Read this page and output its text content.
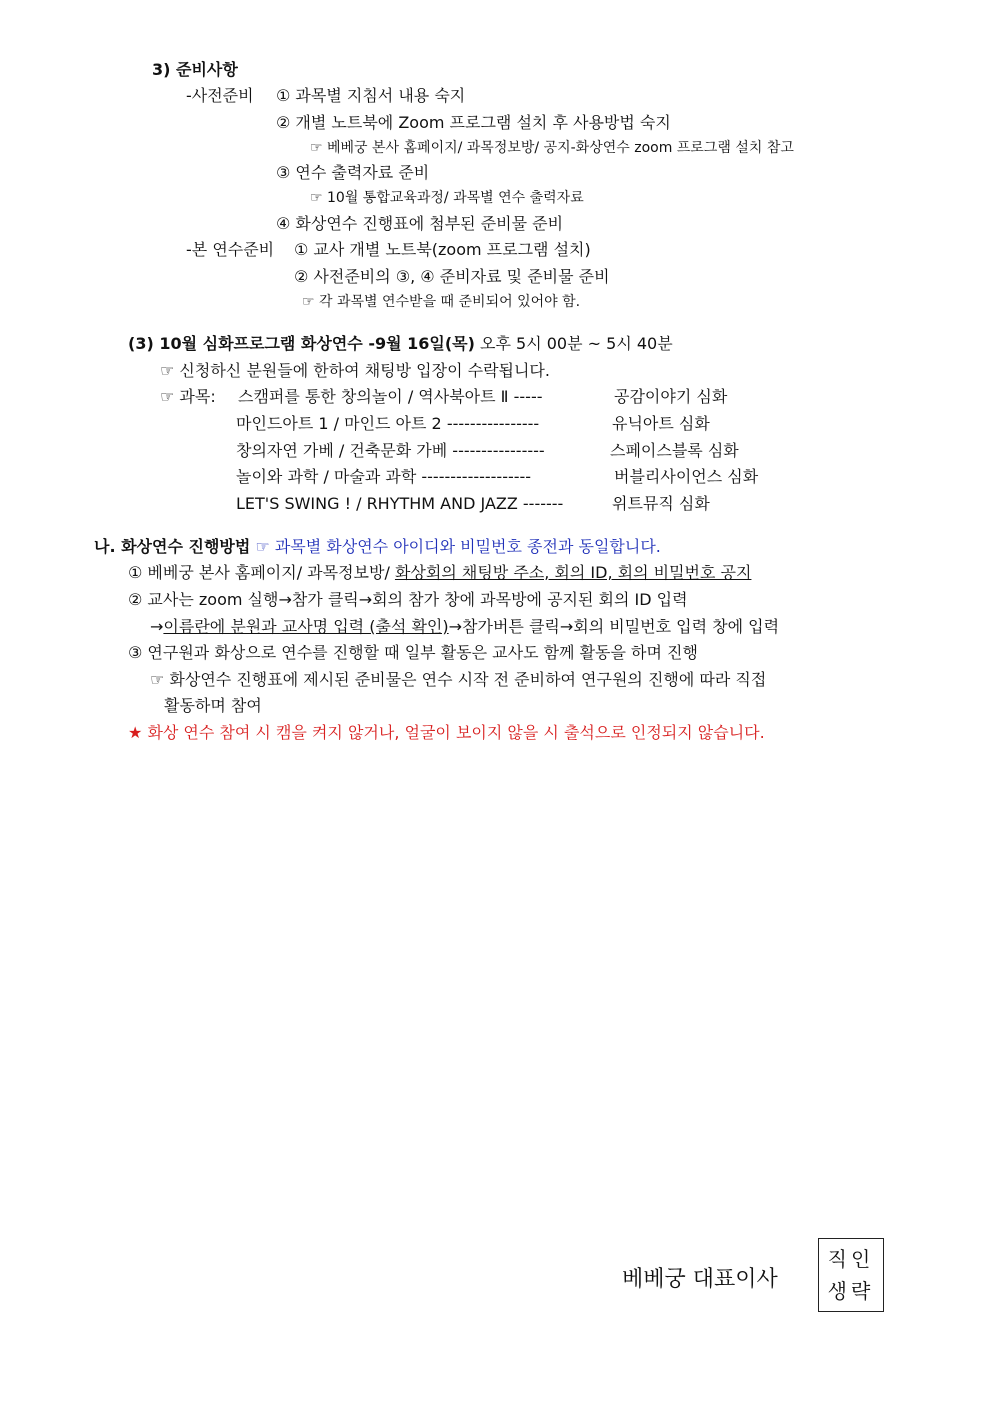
3) 준비사항
-사전준비 ① 과목별 지침서 내용 숙지
② 개별 노트북에 Zoom 프로그램 설치 후 사용방법 숙지
☞ 베베궁 본사 홈페이지/ 과목정보방/ 공지-화상연수 zoom 프로그램 설치 참고
③ 연수 출력자료 준비
☞ 10월 통합교육과정/ 과목별 연수 출력자료
④ 화상연수 진행표에 첨부된 준비물 준비
-본 연수준비 ① 교사 개별 노트북(zoom 프로그램 설치)
② 사전준비의 ③, ④ 준비자료 및 준비물 준비
☞ 각 과목별 연수받을 때 준비되어 있어야 함.
(3) 10월 심화프로그램 화상연수 -9월 16일(목) 오후 5시 00분 ~ 5시 40분
☞ 신청하신 분원들에 한하여 채팅방 입장이 수락됩니다.
☞ 과목: 스캠퍼를 통한 창의놀이 / 역사북아트 Ⅱ -----	공감이야기 심화
마인드아트 1 / 마인드 아트 2 ----------------	유닉아트 심화
창의자연 가베 / 건축문화 가베 ----------------	스페이스블록 심화
놀이와 과학 / 마술과 과학 -------------------	버블리사이언스 심화
LET'S SWING ! / RHYTHM AND JAZZ -------	위트뮤직 심화
나. 화상연수 진행방법 ☞ 과목별 화상연수 아이디와 비밀번호 종전과 동일합니다.
① 베베궁 본사 홈페이지/ 과목정보방/ 화상회의 채팅방 주소, 회의 ID, 회의 비밀번호 공지
② 교사는 zoom 실행→참가 클릭→회의 참가 창에 과목방에 공지된 회의 ID 입력
→이름란에 분원과 교사명 입력 (출석 확인)→참가버튼 클릭→회의 비밀번호 입력 창에 입력
③ 연구원과 화상으로 연수를 진행할 때 일부 활동은 교사도 함께 활동을 하며 진행
☞ 화상연수 진행표에 제시된 준비물은 연수 시작 전 준비하여 연구원의 진행에 따라 직접
활동하며 참여
★ 화상 연수 참여 시 캠을 켜지 않거나, 얼굴이 보이지 않을 시 출석으로 인정되지 않습니다.
베베궁 대표이사
직인
생략
